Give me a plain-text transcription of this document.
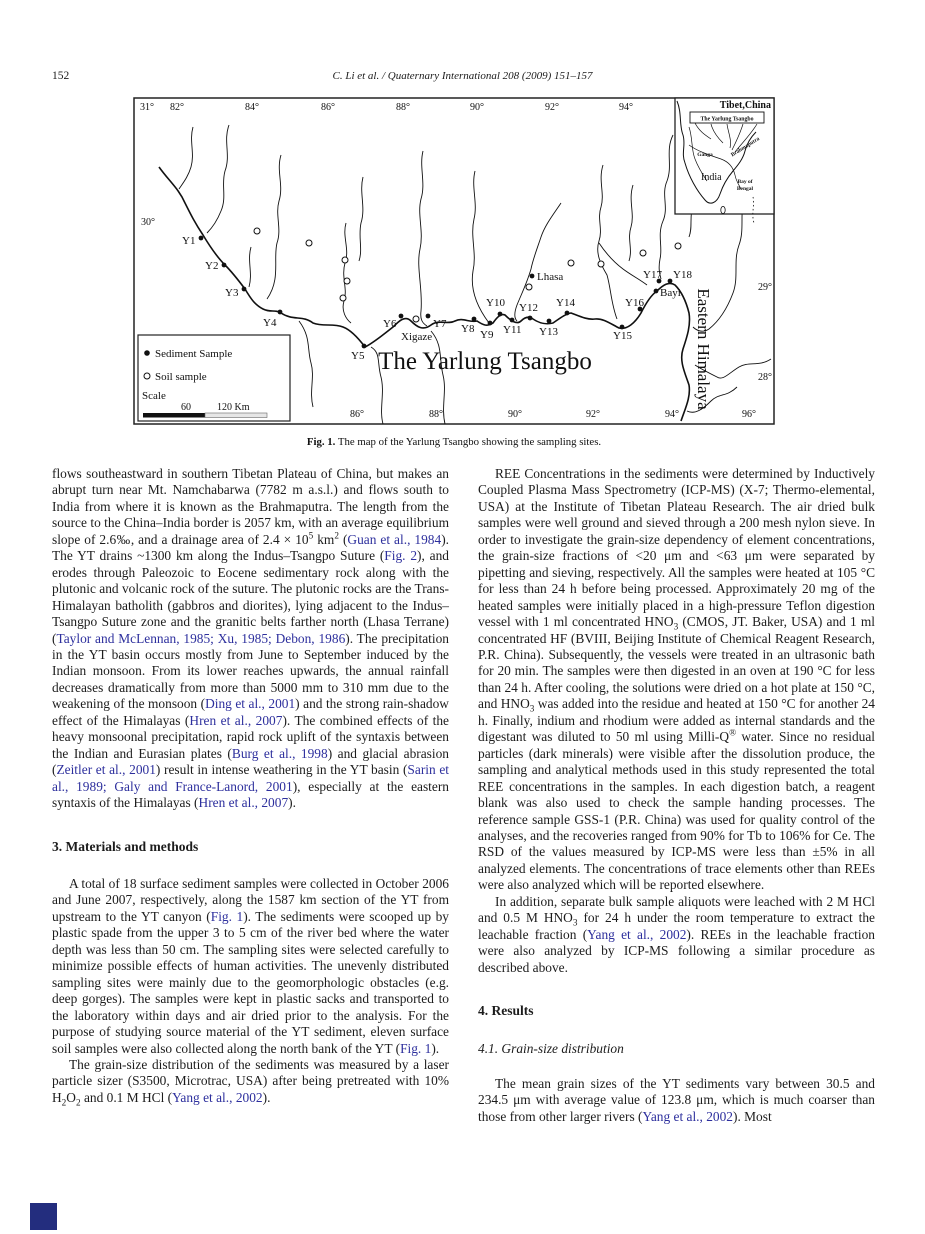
152	C. Li et al. / Quaternary International 208 (2009) 151–157
Y1
Y2
Y3
Y4
Y5
Y6	Y7 Y8 Y9
Y10
Y11
Y12
Y13
Y14
Y15
Y16
Y17 Y18
Lhasa
Xigaze
Bayi
The Yarlung Tsangbo	Eastern Himalaya
31° 82°	84°	86°	88°	90°	92°	94°
86°	88°	90°	92°	94°	96°
30°
29°
28°
Sediment Sample
Soil sample
Scale
60	120 Km
Tibet,China
The Yarlung Tsangbo
Ganga	Brahmaputra
India	Bay of
Bengal
Fig. 1. The map of the Yarlung Tsangbo showing the sampling sites.

flows southeastward in southern Tibetan Plateau of China, but makes an abrupt turn near Mt. Namchabarwa (7782 m a.s.l.) and flows south to India from where it is known as the Brahmaputra. The length from the source to the China–India border is 2057 km, with an average equilibrium slope of 2.6‰, and a drainage area of $2.4 \times 10^5$ $km^2$ (Guan et al., 1984). The YT drains ~1300 km along the Indus–Tsangpo Suture (Fig. 2), and erodes through Paleozoic to Eocene sedimentary rock along with the plutonic and volcanic rock of the suture. The plutonic rocks are the Trans-Himalayan batholith (gabbros and diorites), lying adjacent to the Indus–Tsangpo Suture zone and the granitic belts farther north (Lhasa Terrane) (Taylor and McLennan, 1985; Xu, 1985; Debon, 1986). The precipitation in the YT basin occurs mostly from June to September induced by the Indian monsoon. From its lower reaches upwards, the annual rainfall decreases dramatically from more than 5000 mm to 310 mm due to the weakening of the monsoon (Ding et al., 2001) and the strong rain-shadow effect of the Himalayas (Hren et al., 2007). The combined effects of the heavy monsoonal precipitation, rapid rock uplift of the syntaxis between the Indian and Eurasian plates (Burg et al., 1998) and glacial abrasion (Zeitler et al., 2001) result in intense weathering in the YT basin (Sarin et al., 1989; Galy and France-Lanord, 2001), especially at the eastern syntaxis of the Himalayas (Hren et al., 2007).

3. Materials and methods

A total of 18 surface sediment samples were collected in October 2006 and June 2007, respectively, along the 1587 km section of the YT from upstream to the YT canyon (Fig. 1). The sediments were scooped up by plastic spade from the upper 3 to 5 cm of the river bed where the water depth was less than 50 cm. The sampling sites were selected carefully to minimize possible effects of human activities. The unevenly distributed sampling sites were mainly due to the geomorphologic obstacles (e.g. deep gorges). The samples were kept in plastic sacks and transported to the laboratory within days and air dried prior to the analysis. For the purpose of studying source material of the YT sediment, eleven surface soil samples were also collected along the north bank of the YT (Fig. 1).

The grain-size distribution of the sediments was measured by a laser particle sizer (S3500, Microtrac, USA) after being pretreated with 10% $H_2O_2$ and 0.1 M HCl (Yang et al., 2002).

REE Concentrations in the sediments were determined by Inductively Coupled Plasma Mass Spectrometry (ICP-MS) (X-7; Thermo-elemental, USA) at the Institute of Tibetan Plateau Research. The air dried bulk samples were well ground and sieved through a 200 mesh nylon sieve. In order to investigate the grain-size dependency of element concentrations, the grain-size fractions of <20 μm and <63 μm were separated by pipetting and sieving, respectively. All the samples were heated at 105 °C for less than 24 h before being processed. Approximately 20 mg of the heated samples were initially placed in a high-pressure Teflon digestion vessel with 1 ml concentrated $HNO_3$ (CMOS, JT. Baker, USA) and 1 ml concentrated HF (BVIII, Beijing Institute of Chemical Reagent Research, P.R. China). Subsequently, the vessels were treated in an ultrasonic bath for 20 min. The samples were then digested in an oven at 190 °C for less than 24 h. After cooling, the solutions were dried on a hot plate at 150 °C, and $HNO_3$ was added into the residue and heated at 150 °C for another 24 h. Finally, indium and rhodium were added as internal standards and the digestant was diluted to 50 ml using Milli-Q® water. Since no residual particles (dark minerals) were visible after the dissolution produce, the sampling and analytical methods used in this study represented the total REE concentrations in the samples. In each digestion batch, a reagent blank was also used to check the sample handing processes. The reference sample GSS-1 (P.R. China) was used for quality control of the analyses, and the recoveries ranged from 90% for Tb to 106% for Ce. The RSD of the values measured by ICP-MS were less than ±5% in all analyzed elements. The concentrations of trace elements other than REEs were also analyzed which will be reported elsewhere.

In addition, separate bulk sample aliquots were leached with 2 M HCl and 0.5 M $HNO_3$ for 24 h under the room temperature to extract the leachable fraction (Yang et al., 2002). REEs in the leachable fraction were also analyzed by ICP-MS following a similar procedure as described above.

4. Results
4.1. Grain-size distribution

The mean grain sizes of the YT sediments vary between 30.5 and 234.5 μm with average value of 123.8 μm, which is much coarser than those from other larger rivers (Yang et al., 2002). Most
